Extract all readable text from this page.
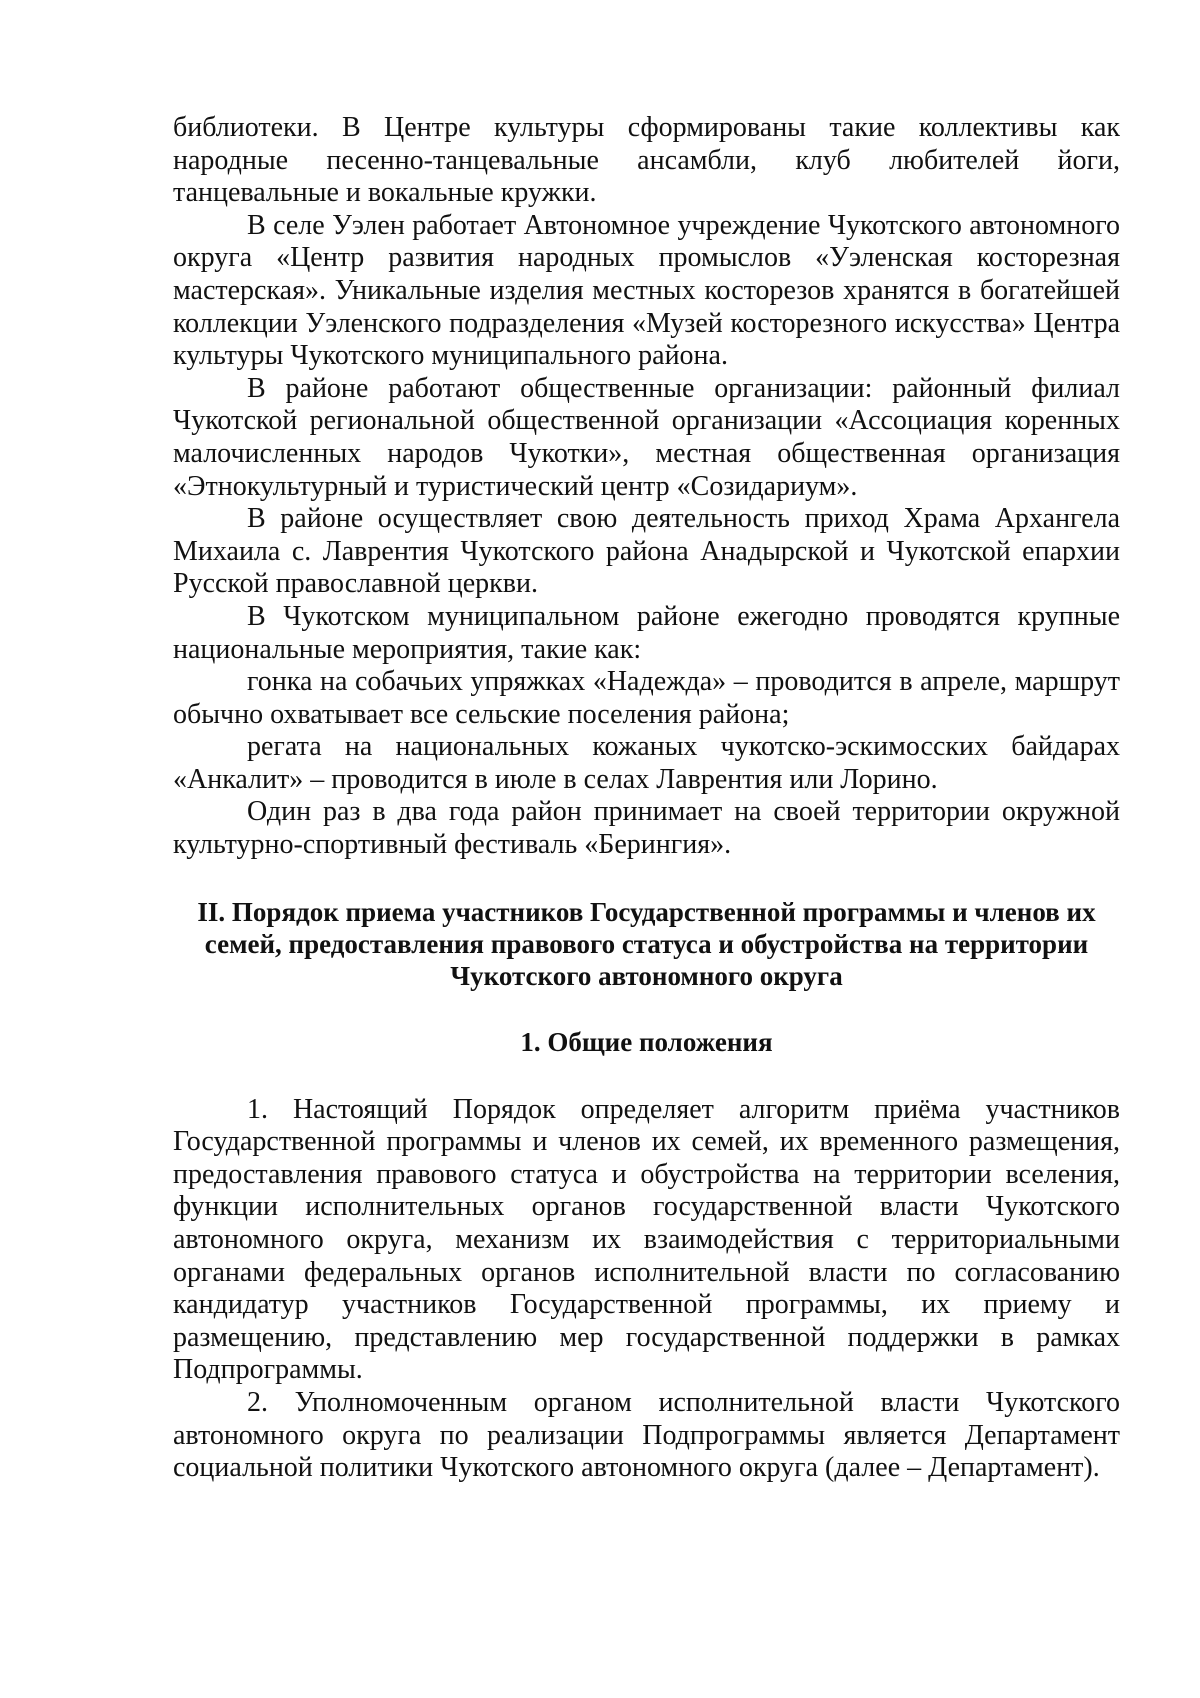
библиотеки. В Центре культуры сформированы такие коллективы как народные песенно-танцевальные ансамбли, клуб любителей йоги, танцевальные и вокальные кружки.

В селе Уэлен работает Автономное учреждение Чукотского автономного округа «Центр развития народных промыслов «Уэленская косторезная мастерская». Уникальные изделия местных косторезов хранятся в богатейшей коллекции Уэленского подразделения «Музей косторезного искусства» Центра культуры Чукотского муниципального района.

В районе работают общественные организации: районный филиал Чукотской региональной общественной организации «Ассоциация коренных малочисленных народов Чукотки», местная общественная организация «Этнокультурный и туристический центр «Созидариум».

В районе осуществляет свою деятельность приход Храма Архангела Михаила с. Лаврентия Чукотского района Анадырской и Чукотской епархии Русской православной церкви.

В Чукотском муниципальном районе ежегодно проводятся крупные национальные мероприятия, такие как:

гонка на собачьих упряжках «Надежда» – проводится в апреле, маршрут обычно охватывает все сельские поселения района;

регата на национальных кожаных чукотско-эскимосских байдарах «Анкалит» – проводится в июле в селах Лаврентия или Лорино.

Один раз в два года район принимает на своей территории окружной культурно-спортивный фестиваль «Берингия».

II. Порядок приема участников Государственной программы и членов их семей, предоставления правового статуса и обустройства на территории Чукотского автономного округа
1. Общие положения

1. Настоящий Порядок определяет алгоритм приёма участников Государственной программы и членов их семей, их временного размещения, предоставления правового статуса и обустройства на территории вселения, функции исполнительных органов государственной власти Чукотского автономного округа, механизм их взаимодействия с территориальными органами федеральных органов исполнительной власти по согласованию кандидатур участников Государственной программы, их приему и размещению, представлению мер государственной поддержки в рамках Подпрограммы.

2. Уполномоченным органом исполнительной власти Чукотского автономного округа по реализации Подпрограммы является Департамент социальной политики Чукотского автономного округа (далее – Департамент).
